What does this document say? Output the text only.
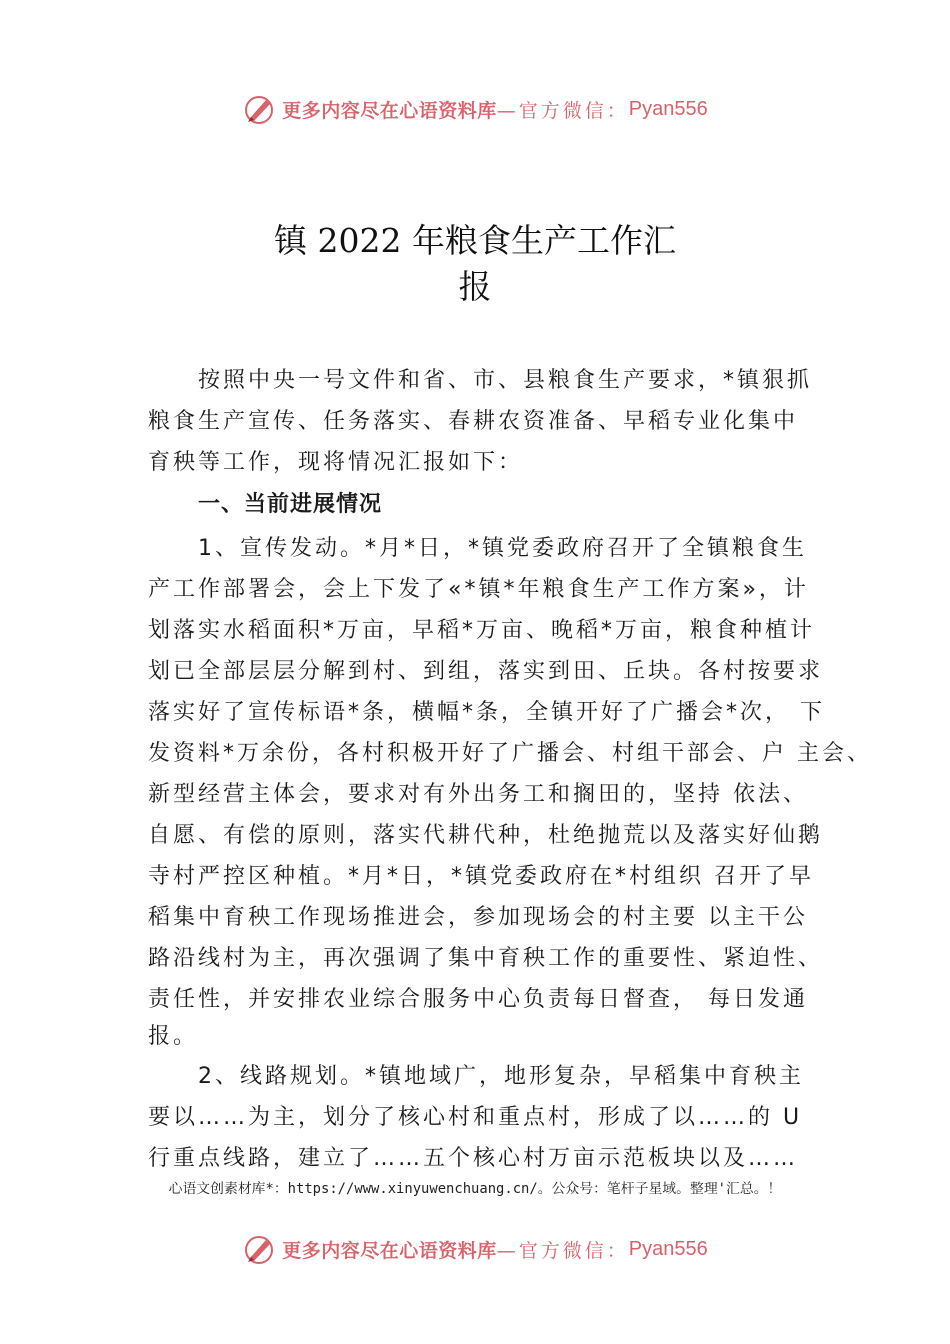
更多内容尽在心语资料库 —官方微信： Pyan556
镇 2022 年粮食生产工作汇
报
按照中央一号文件和省、市、县粮食生产要求，*镇狠抓
粮食生产宣传、任务落实、春耕农资准备、早稻专业化集中
育秧等工作，现将情况汇报如下：
一、当前进展情况
1、宣传发动。*月*日，*镇党委政府召开了全镇粮食生
产工作部署会，会上下发了«*镇*年粮食生产工作方案»，计
划落实水稻面积*万亩，早稻*万亩、晚稻*万亩，粮食种植计
划已全部层层分解到村、到组，落实到田、丘块。各村按要求
落实好了宣传标语*条，横幅*条，全镇开好了广播会*次， 下
发资料*万余份，各村积极开好了广播会、村组干部会、户 主会、
新型经营主体会，要求对有外出务工和搁田的，坚持 依法、
自愿、有偿的原则，落实代耕代种，杜绝抛荒以及落实好仙鹅
寺村严控区种植。*月*日，*镇党委政府在*村组织 召开了早
稻集中育秧工作现场推进会，参加现场会的村主要 以主干公
路沿线村为主，再次强调了集中育秧工作的重要性、紧迫性、
责任性，并安排农业综合服务中心负责每日督查， 每日发通
报。
2、线路规划。*镇地域广，地形复杂，早稻集中育秧主
要以……为主，划分了核心村和重点村，形成了以……的 U
行重点线路，建立了……五个核心村万亩示范板块以及……
心语文创素材库*：https://www.xinyuwenchuang.cn/。公众号：笔杆子星域。整理'汇总。！
更多内容尽在心语资料库 —官方微信： Pyan556
